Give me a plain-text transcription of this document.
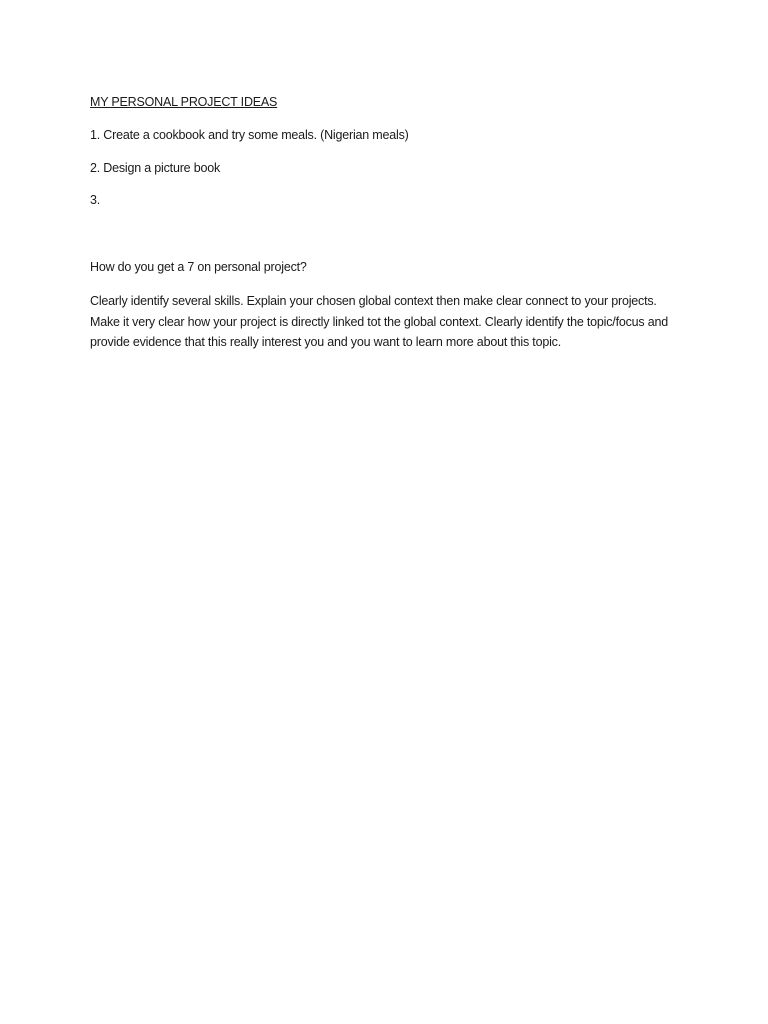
MY PERSONAL PROJECT IDEAS

1. Create a cookbook and try some meals. (Nigerian meals)

2. Design a picture book

3.

How do you get a 7 on personal project?

Clearly identify several skills. Explain your chosen global context then make clear connect to your projects. Make it very clear how your project is directly linked tot the global context. Clearly identify the topic/focus and provide evidence that this really interest you and you want to learn more about this topic.
